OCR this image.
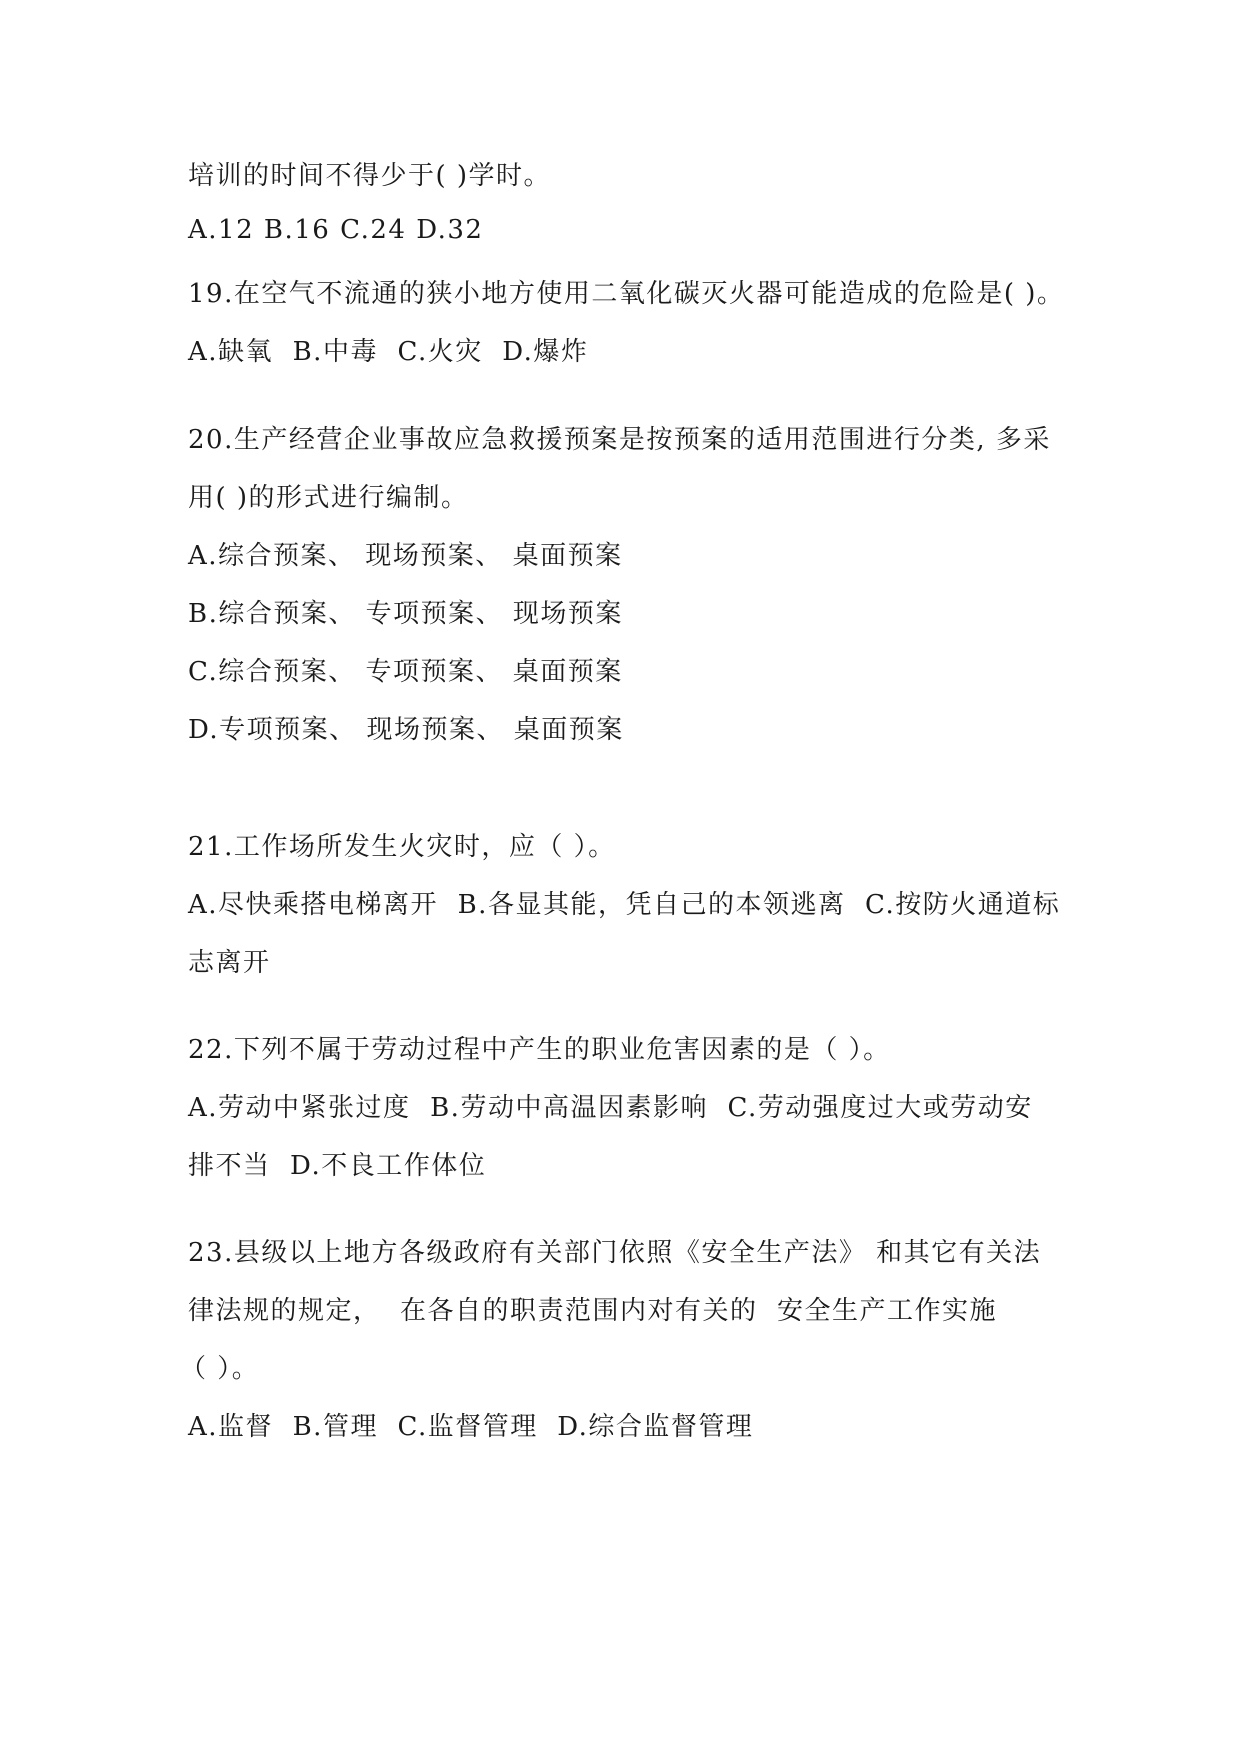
培训的时间不得少于( )学时。
A.12 B.16 C.24 D.32
19.在空气不流通的狭小地方使用二氧化碳灭火器可能造成的危险是( )。
A.缺氧  B.中毒  C.火灾  D.爆炸
20.生产经营企业事故应急救援预案是按预案的适用范围进行分类, 多采
用( )的形式进行编制。
A.综合预案、 现场预案、 桌面预案
B.综合预案、 专项预案、 现场预案
C.综合预案、 专项预案、 桌面预案
D.专项预案、 现场预案、 桌面预案
21.工作场所发生火灾时，应（ ）。
A.尽快乘搭电梯离开  B.各显其能，凭自己的本领逃离  C.按防火通道标
志离开
22.下列不属于劳动过程中产生的职业危害因素的是（ ）。
A.劳动中紧张过度  B.劳动中高温因素影响  C.劳动强度过大或劳动安
排不当  D.不良工作体位
23.县级以上地方各级政府有关部门依照《安全生产法》 和其它有关法
律法规的规定，  在各自的职责范围内对有关的  安全生产工作实施
（ ）。
A.监督  B.管理  C.监督管理  D.综合监督管理
